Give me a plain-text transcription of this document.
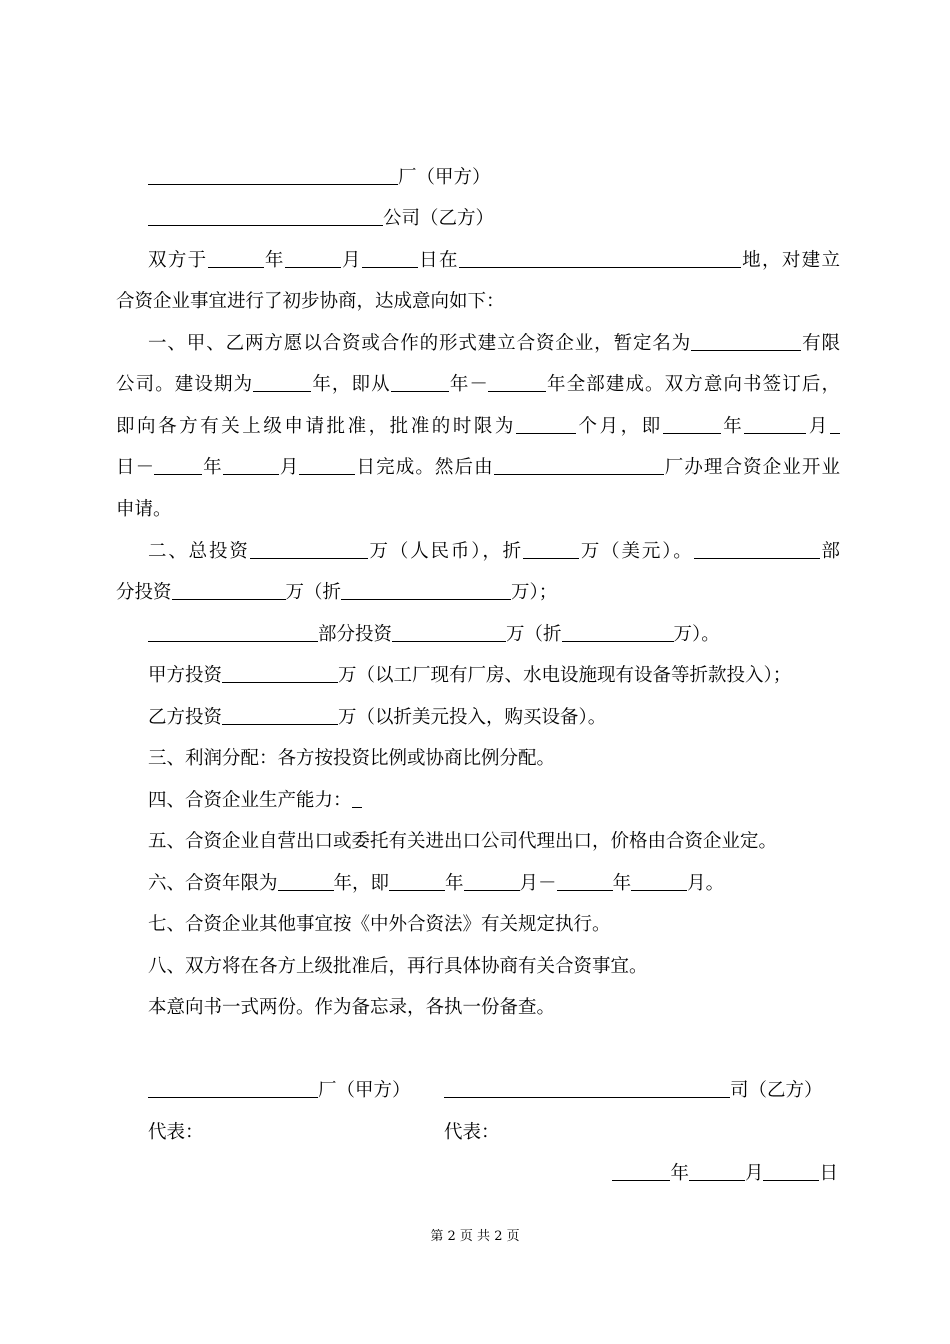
厂（甲方）
公司（乙方）
双方于	年	月	日在	地，对建立
合资企业事宜进行了初步协商，达成意向如下：
一、甲、乙两方愿以合资或合作的形式建立合资企业，暂定名为	有限
公司。建设期为	年，即从	年－	年全部建成。双方意向书签订后，
即向各方有关上级申请批准，批准的时限为	个月，即	年	月
日－	年	月	日完成。然后由	厂办理合资企业开业
申请。
二、总投资	万（人民币），折	万（美元）。	部
分投资	万（折	万）；
部分投资	万（折	万）。
甲方投资	万（以工厂现有厂房、水电设施现有设备等折款投入）；
乙方投资	万（以折美元投入，购买设备）。
三、利润分配：各方按投资比例或协商比例分配。
四、合资企业生产能力：
五、合资企业自营出口或委托有关进出口公司代理出口，价格由合资企业定。
六、合资年限为	年，即	年	月－	年	月。
七、合资企业其他事宜按《中外合资法》有关规定执行。
八、双方将在各方上级批准后，再行具体协商有关合资事宜。
本意向书一式两份。作为备忘录，各执一份备查。
厂（甲方）	司（乙方）
代表：	代表：
年	月	日
第 2 页 共 2 页
